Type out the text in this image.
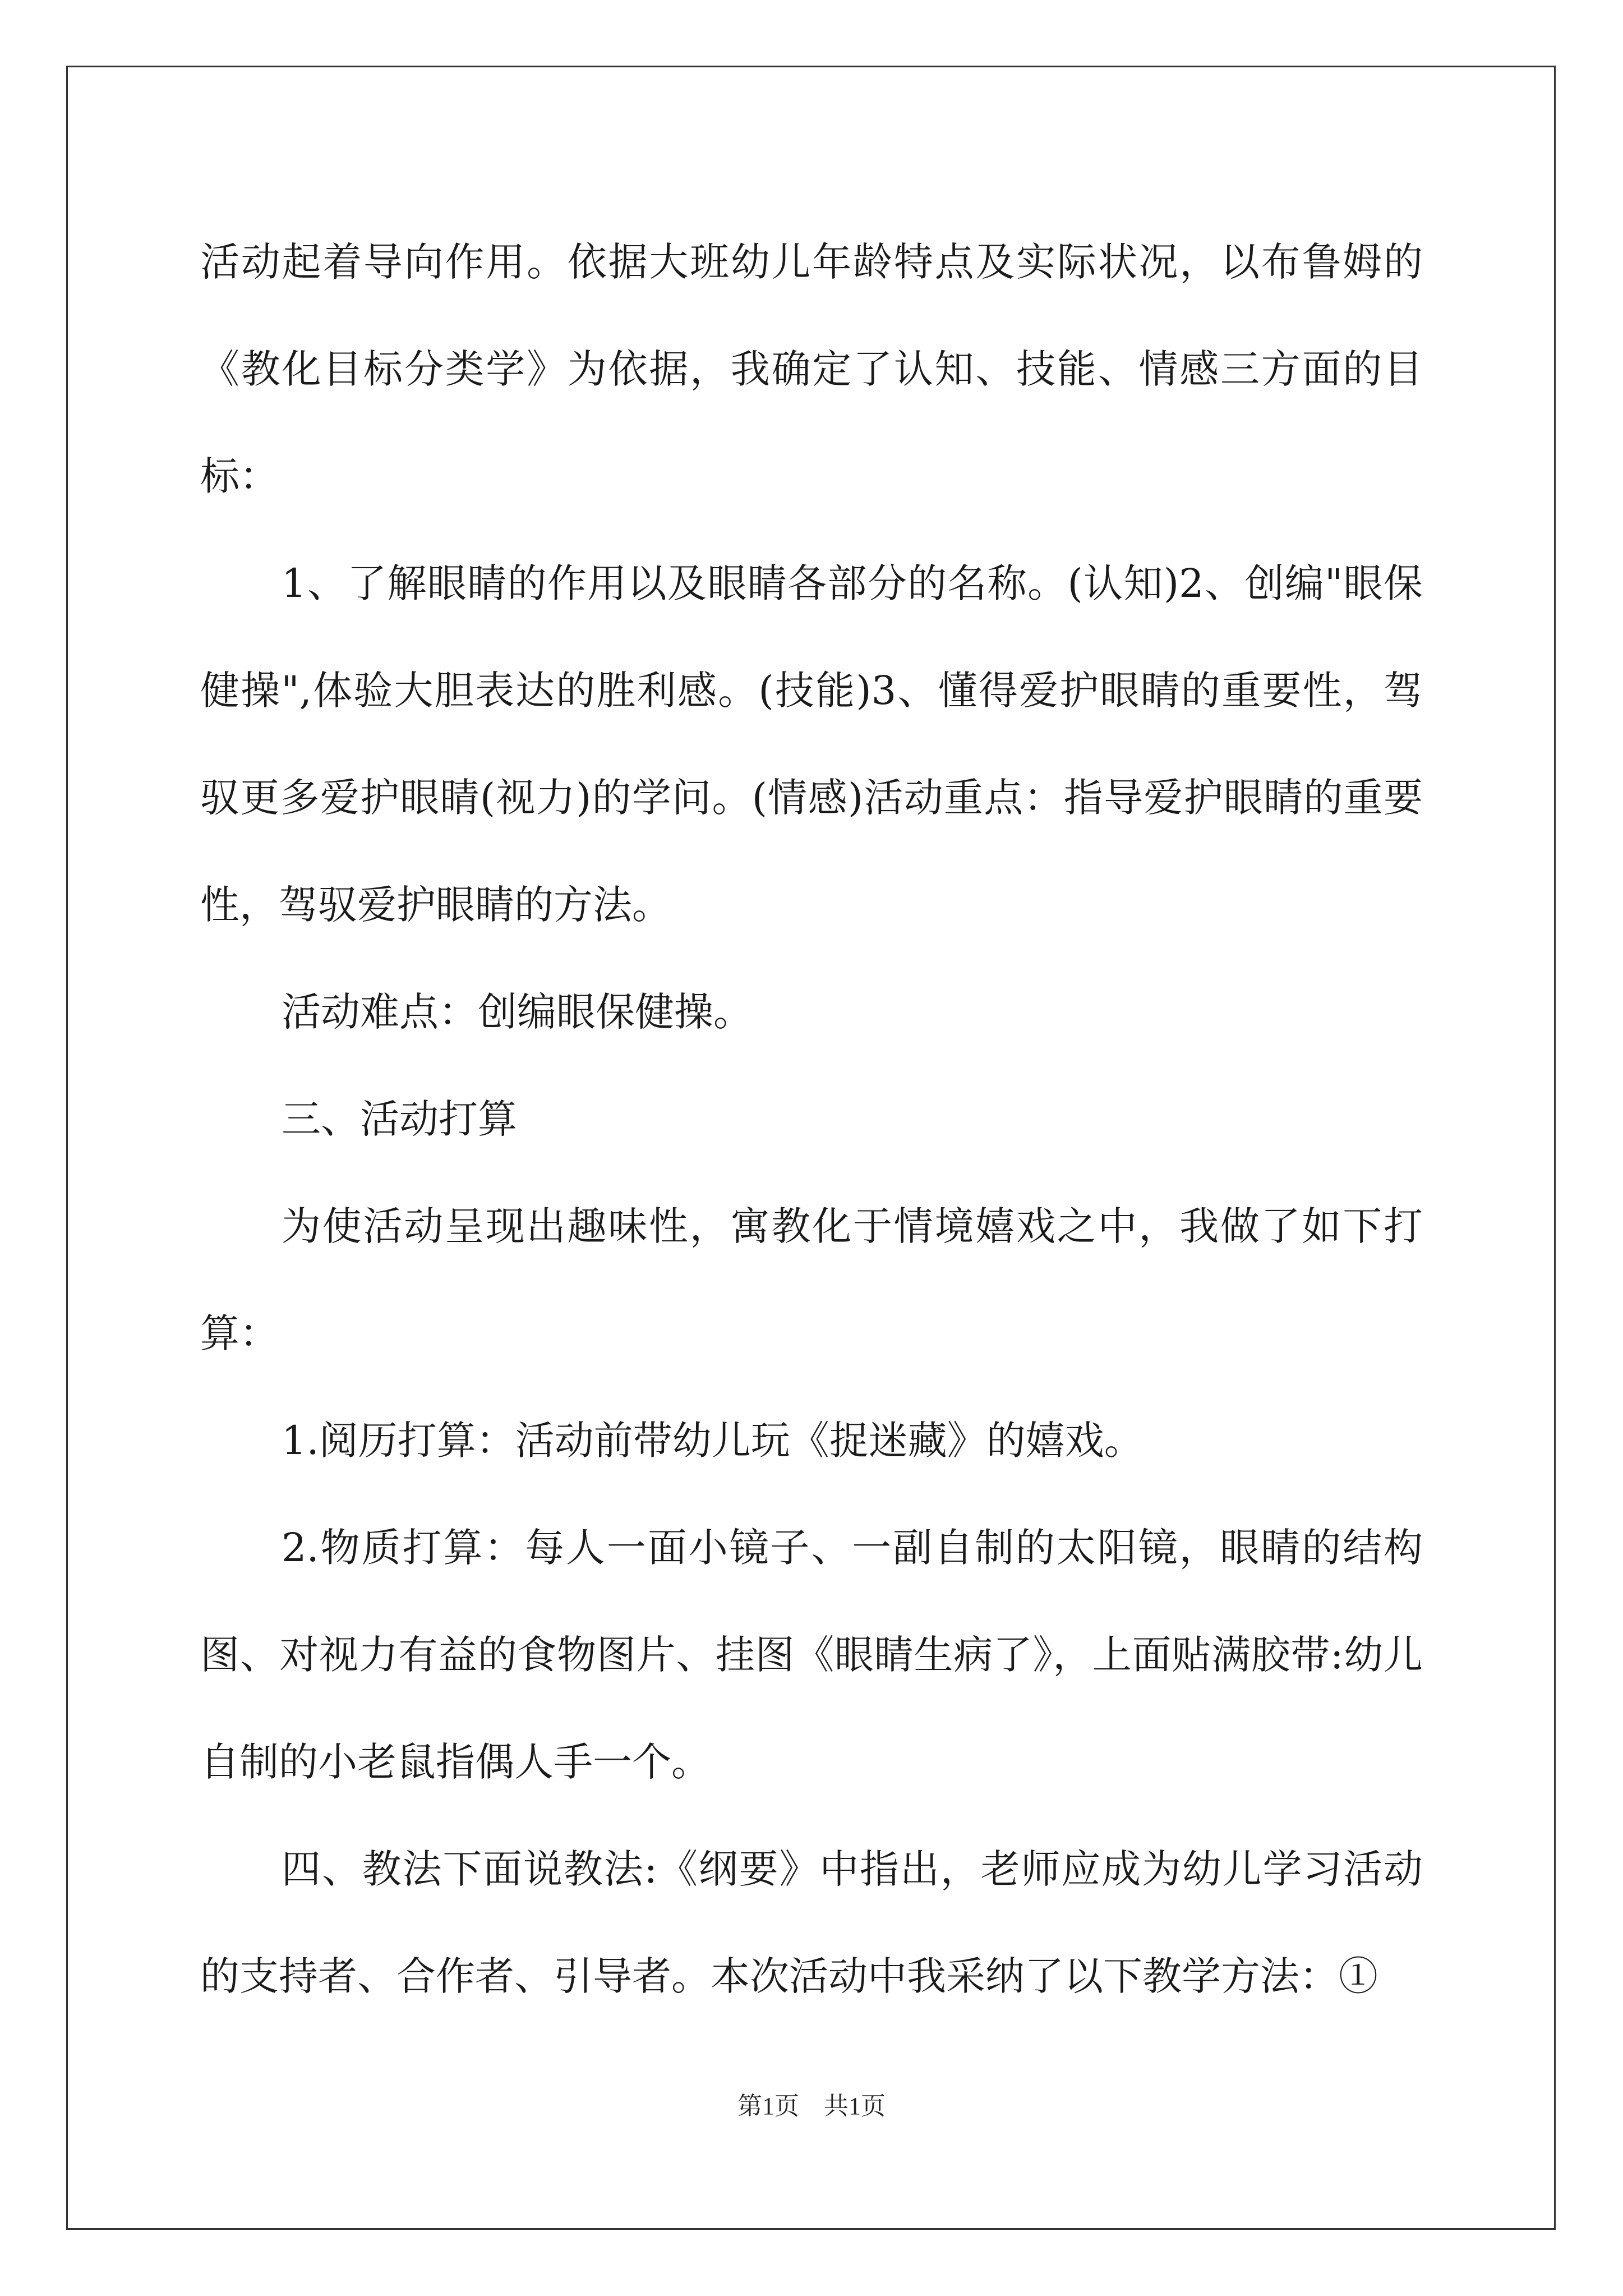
活动起着导向作用。依据大班幼儿年龄特点及实际状况，以布鲁姆的《教化目标分类学》为依据，我确定了认知、技能、情感三方面的目标：

1、了解眼睛的作用以及眼睛各部分的名称。(认知)2、创编"眼保健操",体验大胆表达的胜利感。(技能)3、懂得爱护眼睛的重要性，驾驭更多爱护眼睛(视力)的学问。(情感)活动重点：指导爱护眼睛的重要性，驾驭爱护眼睛的方法。

活动难点：创编眼保健操。

三、活动打算

为使活动呈现出趣味性，寓教化于情境嬉戏之中，我做了如下打算：

1.阅历打算：活动前带幼儿玩《捉迷藏》的嬉戏。

2.物质打算：每人一面小镜子、一副自制的太阳镜，眼睛的结构图、对视力有益的食物图片、挂图《眼睛生病了》，上面贴满胶带:幼儿自制的小老鼠指偶人手一个。

四、教法下面说教法:《纲要》中指出，老师应成为幼儿学习活动的支持者、合作者、引导者。本次活动中我采纳了以下教学方法：①

第1页 共1页
